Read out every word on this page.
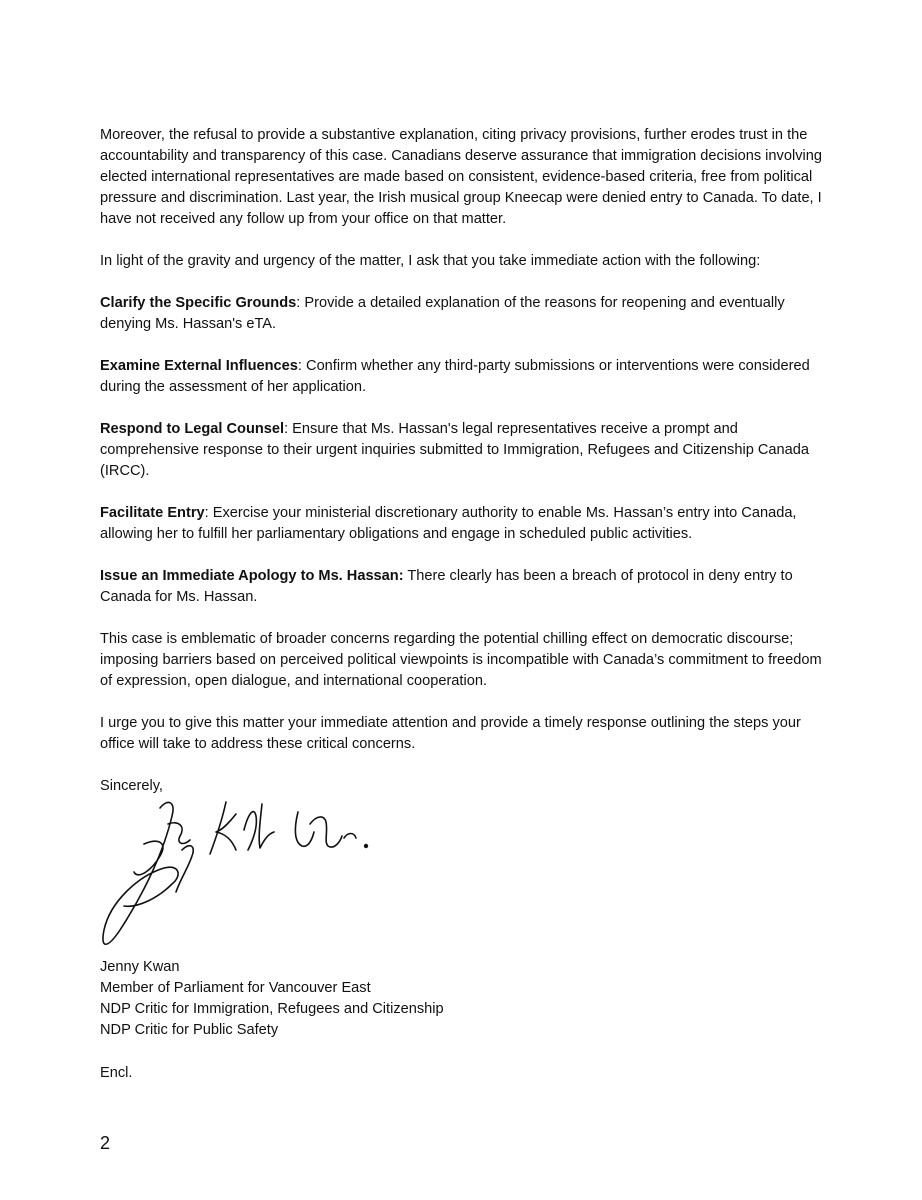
Moreover, the refusal to provide a substantive explanation, citing privacy provisions, further erodes trust in the accountability and transparency of this case. Canadians deserve assurance that immigration decisions involving elected international representatives are made based on consistent, evidence-based criteria, free from political pressure and discrimination. Last year, the Irish musical group Kneecap were denied entry to Canada. To date, I have not received any follow up from your office on that matter.

In light of the gravity and urgency of the matter, I ask that you take immediate action with the following:

Clarify the Specific Grounds: Provide a detailed explanation of the reasons for reopening and eventually denying Ms. Hassan's eTA.

Examine External Influences: Confirm whether any third-party submissions or interventions were considered during the assessment of her application.

Respond to Legal Counsel: Ensure that Ms. Hassan's legal representatives receive a prompt and comprehensive response to their urgent inquiries submitted to Immigration, Refugees and Citizenship Canada (IRCC).

Facilitate Entry: Exercise your ministerial discretionary authority to enable Ms. Hassan’s entry into Canada, allowing her to fulfill her parliamentary obligations and engage in scheduled public activities.

Issue an Immediate Apology to Ms. Hassan: There clearly has been a breach of protocol in deny entry to Canada for Ms. Hassan.

This case is emblematic of broader concerns regarding the potential chilling effect on democratic discourse; imposing barriers based on perceived political viewpoints is incompatible with Canada’s commitment to freedom of expression, open dialogue, and international cooperation.

I urge you to give this matter your immediate attention and provide a timely response outlining the steps your office will take to address these critical concerns.

Sincerely,

Jenny Kwan

Member of Parliament for Vancouver East

NDP Critic for Immigration, Refugees and Citizenship

NDP Critic for Public Safety

Encl.
2
